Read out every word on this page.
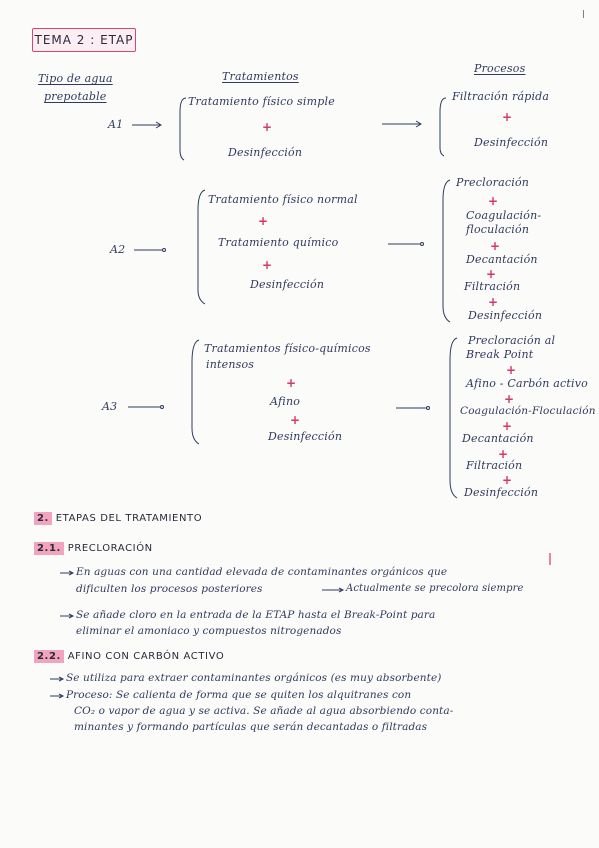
TEMA 2 : ETAP
Tipo de agua
prepotable
Tratamientos
Procesos
A1
Tratamiento físico simple
+
Desinfección
Filtración rápida
+
Desinfección
A2
Tratamiento físico normal
+
Tratamiento químico
+
Desinfección
Precloración
+
Coagulación-
floculación
+
Decantación
+
Filtración
+
Desinfección
A3
Tratamientos físico-químicos
intensos
+
Afino
+
Desinfección
Precloración al
Break Point
+
Afino - Carbón activo
+
Coagulación-Floculación
+
Decantación
+
Filtración
+
Desinfección
2. ETAPAS DEL TRATAMIENTO
2.1. PRECLORACIÓN
En aguas con una cantidad elevada de contaminantes orgánicos que
dificulten los procesos posteriores	Actualmente se precolora siempre
Se añade cloro en la entrada de la ETAP hasta el Break-Point para
eliminar el amoniaco y compuestos nitrogenados
2.2. AFINO CON CARBÓN ACTIVO
Se utiliza para extraer contaminantes orgánicos (es muy absorbente)
Proceso: Se calienta de forma que se quiten los alquitranes con
CO₂ o vapor de agua y se activa. Se añade al agua absorbiendo conta-
minantes y formando partículas que serán decantadas o filtradas
